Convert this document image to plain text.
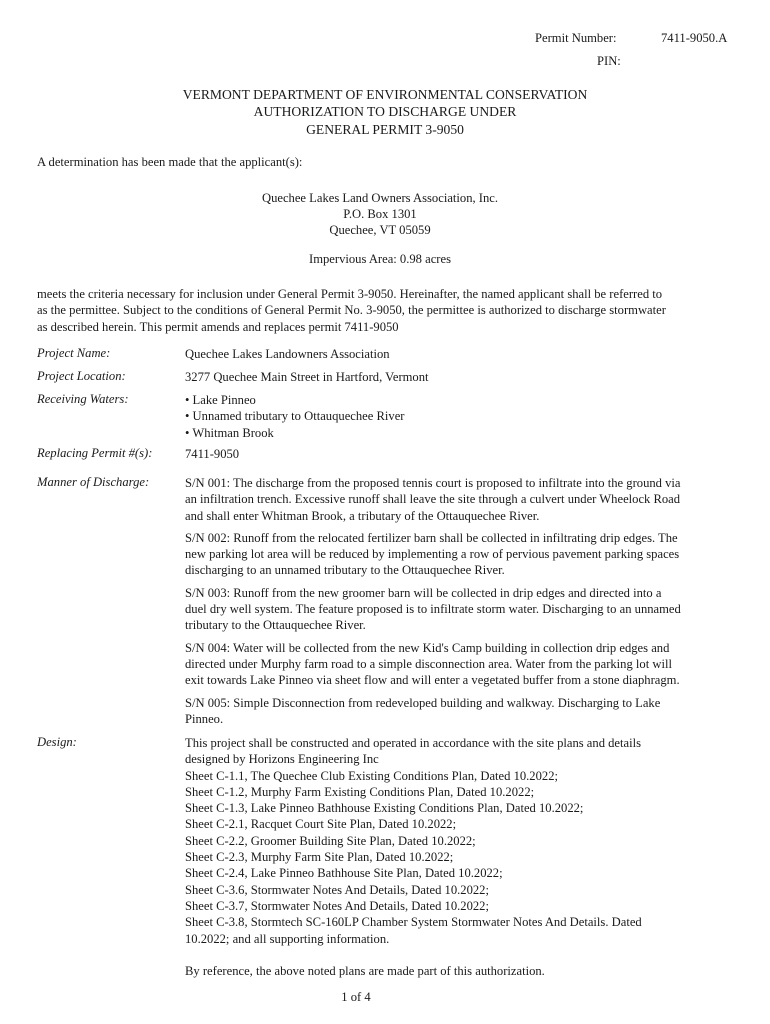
Permit Number:	7411-9050.A
PIN:
VERMONT DEPARTMENT OF ENVIRONMENTAL CONSERVATION
AUTHORIZATION TO DISCHARGE UNDER
GENERAL PERMIT 3-9050
A determination has been made that the applicant(s):
Quechee Lakes Land Owners Association, Inc.
P.O. Box 1301
Quechee, VT 05059
Impervious Area: 0.98 acres
meets the criteria necessary for inclusion under General Permit 3-9050. Hereinafter, the named applicant shall be referred to
as the permittee. Subject to the conditions of General Permit No. 3-9050, the permittee is authorized to discharge stormwater
as described herein. This permit amends and replaces permit 7411-9050
Project Name:	Quechee Lakes Landowners Association
Project Location:	3277 Quechee Main Street in Hartford, Vermont
Receiving Waters:	• Lake Pinneo
• Unnamed tributary to Ottauquechee River
• Whitman Brook
Replacing Permit #(s):	7411-9050
Manner of Discharge:	S/N 001: The discharge from the proposed tennis court is proposed to infiltrate into the ground via
an infiltration trench. Excessive runoff shall leave the site through a culvert under Wheelock Road
and shall enter Whitman Brook, a tributary of the Ottauquechee River.
S/N 002: Runoff from the relocated fertilizer barn shall be collected in infiltrating drip edges. The
new parking lot area will be reduced by implementing a row of pervious pavement parking spaces
discharging to an unnamed tributary to the Ottauquechee River.
S/N 003: Runoff from the new groomer barn will be collected in drip edges and directed into a
duel dry well system. The feature proposed is to infiltrate storm water. Discharging to an unnamed
tributary to the Ottauquechee River.
S/N 004: Water will be collected from the new Kid's Camp building in collection drip edges and
directed under Murphy farm road to a simple disconnection area. Water from the parking lot will
exit towards Lake Pinneo via sheet flow and will enter a vegetated buffer from a stone diaphragm.
S/N 005: Simple Disconnection from redeveloped building and walkway. Discharging to Lake
Pinneo.
Design:	This project shall be constructed and operated in accordance with the site plans and details
designed by Horizons Engineering Inc
Sheet C-1.1, The Quechee Club Existing Conditions Plan, Dated 10.2022;
Sheet C-1.2, Murphy Farm Existing Conditions Plan, Dated 10.2022;
Sheet C-1.3, Lake Pinneo Bathhouse Existing Conditions Plan, Dated 10.2022;
Sheet C-2.1, Racquet Court Site Plan, Dated 10.2022;
Sheet C-2.2, Groomer Building Site Plan, Dated 10.2022;
Sheet C-2.3, Murphy Farm Site Plan, Dated 10.2022;
Sheet C-2.4, Lake Pinneo Bathhouse Site Plan, Dated 10.2022;
Sheet C-3.6, Stormwater Notes And Details, Dated 10.2022;
Sheet C-3.7, Stormwater Notes And Details, Dated 10.2022;
Sheet C-3.8, Stormtech SC-160LP Chamber System Stormwater Notes And Details. Dated
10.2022; and all supporting information.
By reference, the above noted plans are made part of this authorization.
1 of 4
